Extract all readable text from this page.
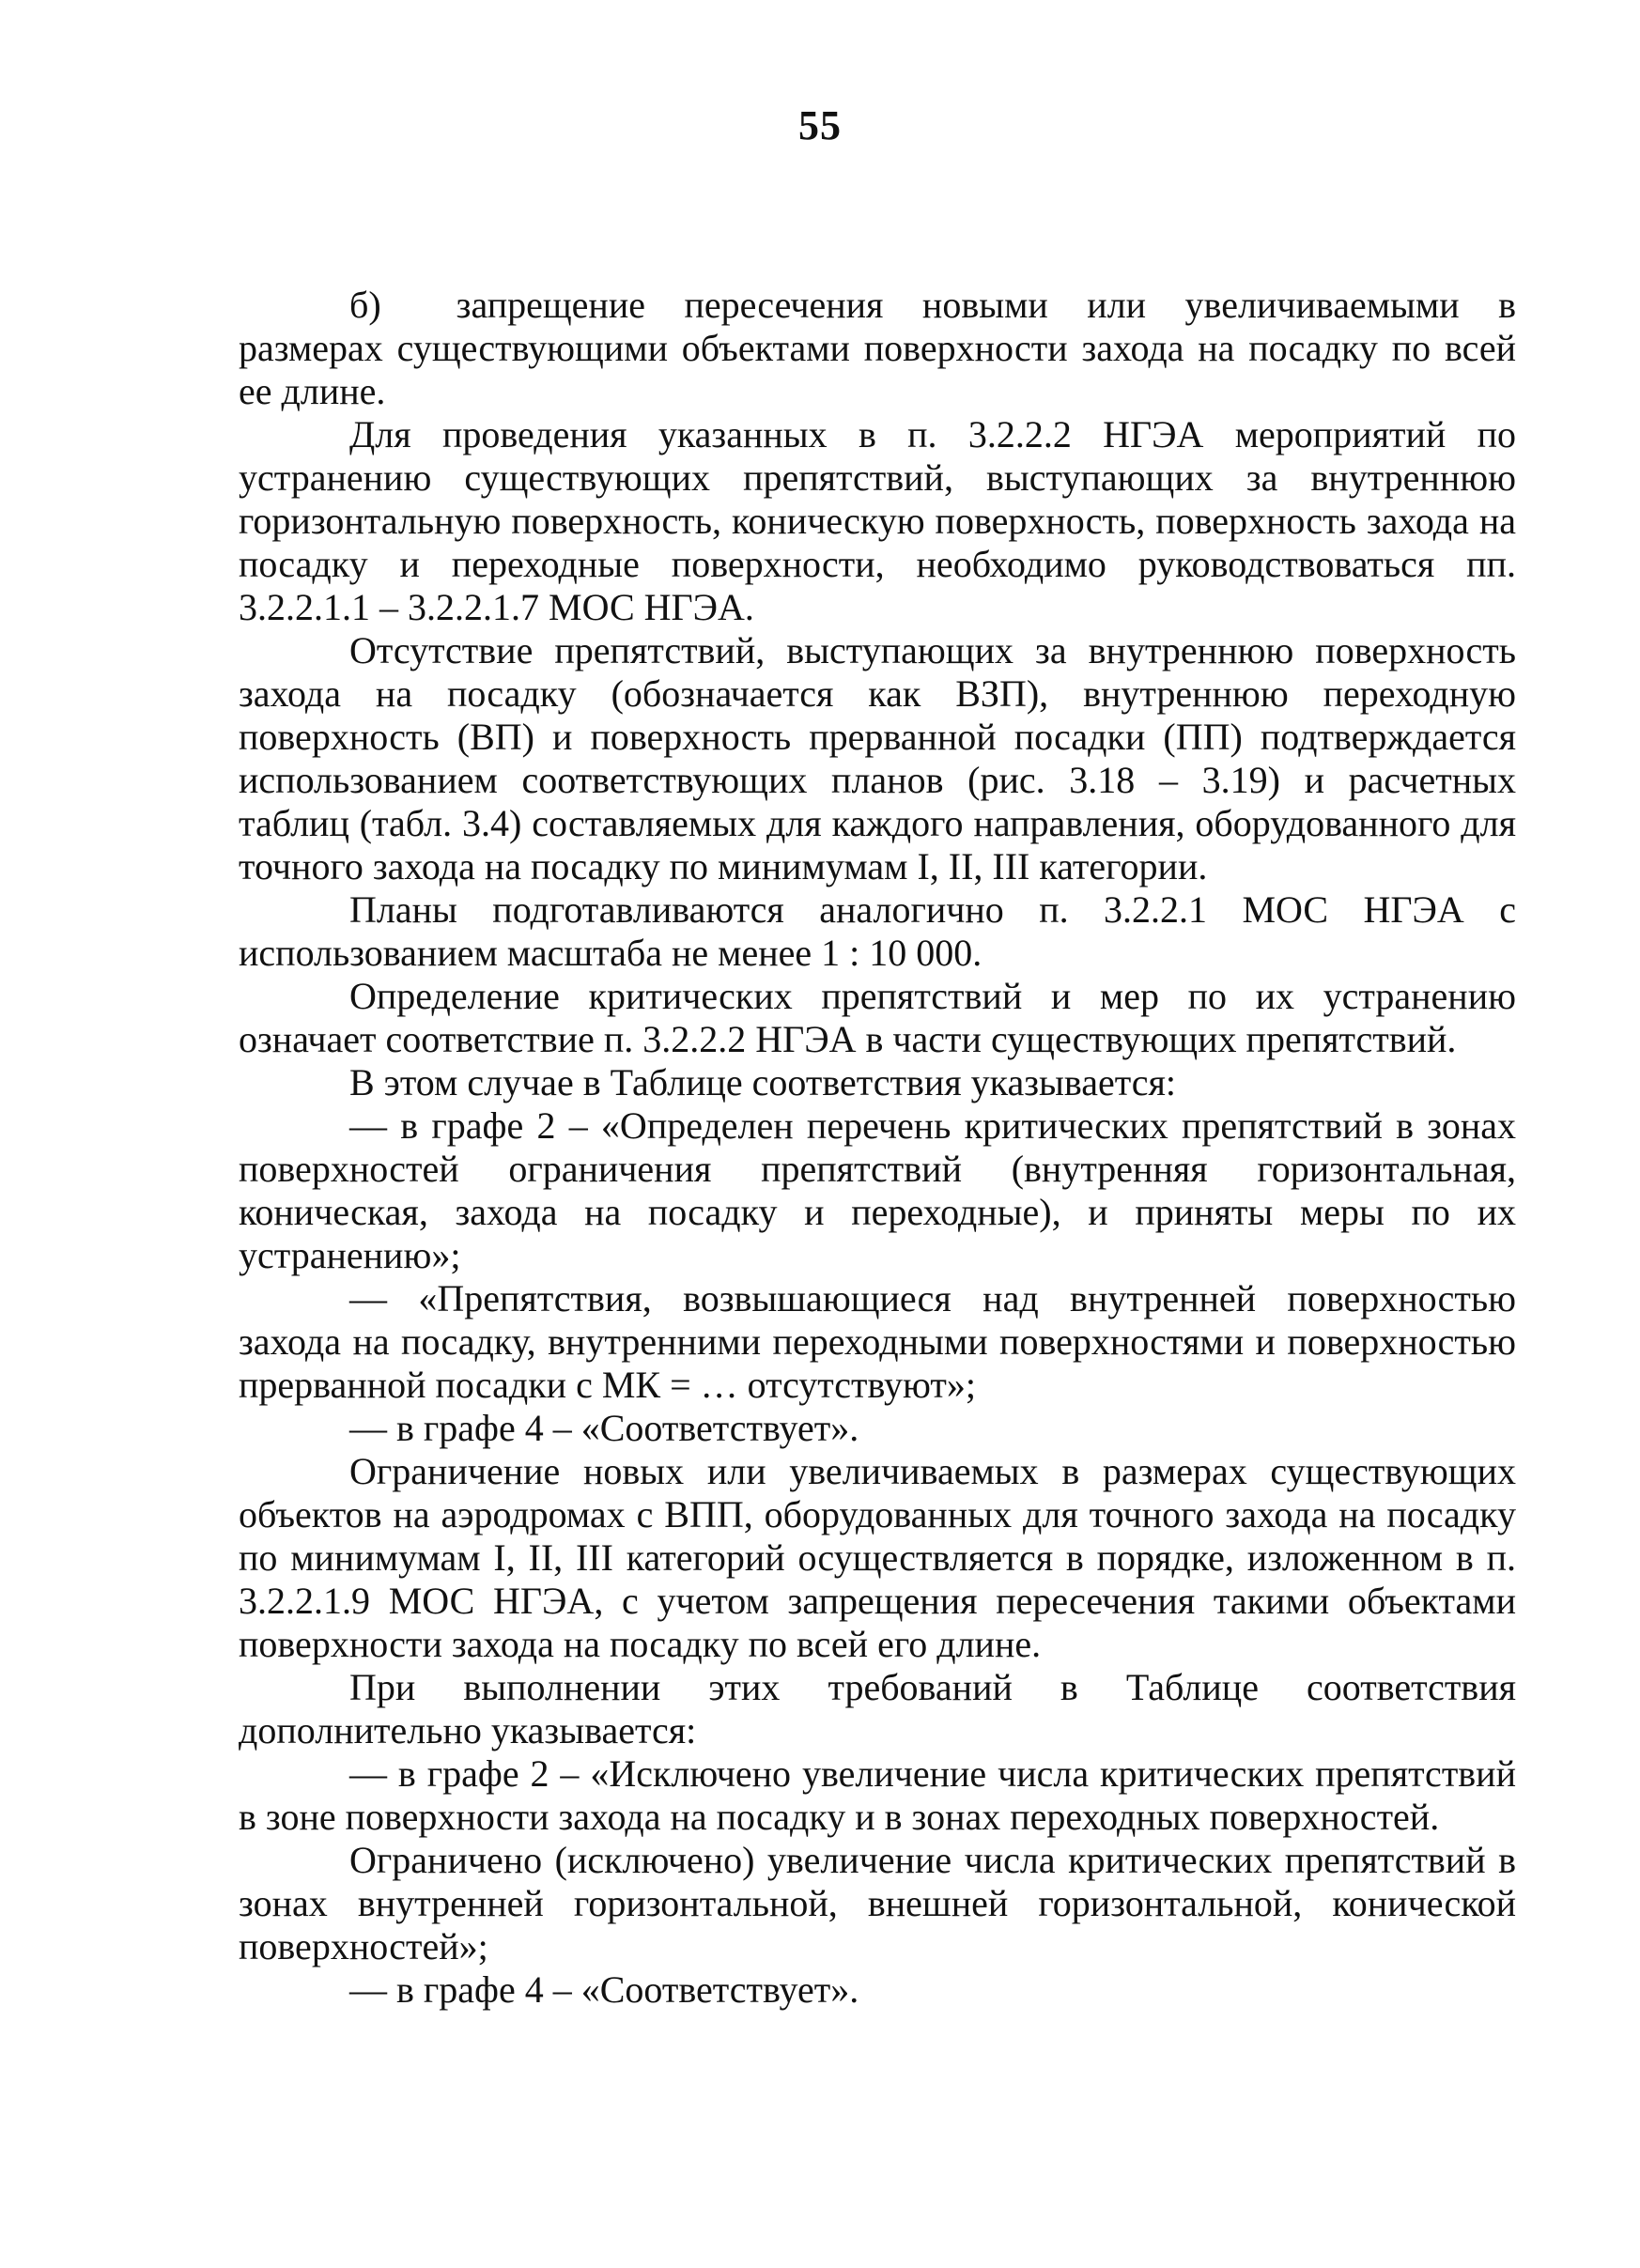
55

б)  запрещение пересечения новыми или увеличиваемыми в размерах существующими объектами поверхности захода на посадку по всей ее длине.

Для проведения указанных в п. 3.2.2.2 НГЭА мероприятий по устранению существующих препятствий, выступающих за внутреннюю горизонтальную поверхность, коническую поверхность, поверхность захода на посадку и переходные поверхности, необходимо руководствоваться пп. 3.2.2.1.1 – 3.2.2.1.7 МОС НГЭА.

Отсутствие препятствий, выступающих за внутреннюю поверхность захода на посадку (обозначается как ВЗП), внутреннюю переходную поверхность (ВП) и поверхность прерванной посадки (ПП) подтверждается использованием соответствующих планов (рис. 3.18 – 3.19) и расчетных таблиц (табл. 3.4) составляемых для каждого направления, оборудованного для точного захода на посадку по минимумам I, II, III категории.

Планы подготавливаются аналогично п. 3.2.2.1 МОС НГЭА с использованием масштаба не менее 1 : 10 000.

Определение критических препятствий и мер по их устранению означает соответствие п. 3.2.2.2 НГЭА в части существующих препятствий.

В этом случае в Таблице соответствия указывается:

— в графе 2 – «Определен перечень критических препятствий в зонах поверхностей ограничения препятствий (внутренняя горизонтальная, коническая, захода на посадку и переходные), и приняты меры по их устранению»;

— «Препятствия, возвышающиеся над внутренней поверхностью захода на посадку, внутренними переходными поверхностями и поверхностью прерванной посадки с МК = … отсутствуют»;

— в графе 4 – «Соответствует».

Ограничение новых или увеличиваемых в размерах существующих объектов на аэродромах с ВПП, оборудованных для точного захода на посадку по минимумам I, II, III категорий осуществляется в порядке, изложенном в п. 3.2.2.1.9 МОС НГЭА, с учетом запрещения пересечения такими объектами поверхности захода на посадку по всей его длине.

При выполнении этих требований в Таблице соответствия дополнительно указывается:

— в графе 2 – «Исключено увеличение числа критических препятствий в зоне поверхности захода на посадку и в зонах переходных поверхностей.

Ограничено (исключено) увеличение числа критических препятствий в зонах внутренней горизонтальной, внешней горизонтальной, конической поверхностей»;

— в графе 4 – «Соответствует».
